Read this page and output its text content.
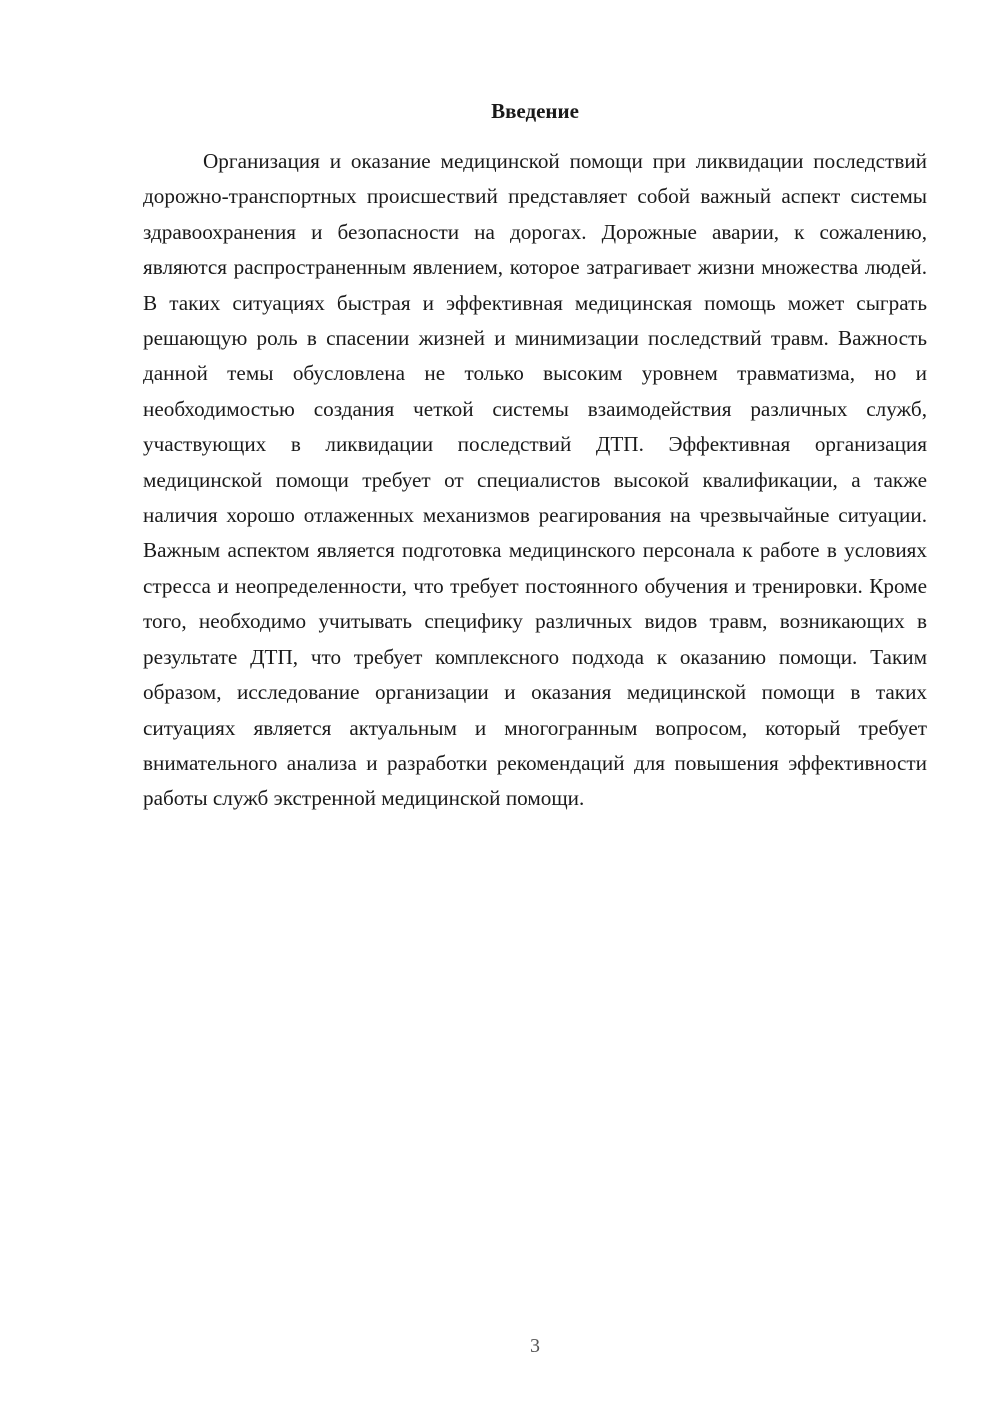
Введение

Организация и оказание медицинской помощи при ликвидации последствий дорожно-транспортных происшествий представляет собой важный аспект системы здравоохранения и безопасности на дорогах. Дорожные аварии, к сожалению, являются распространенным явлением, которое затрагивает жизни множества людей. В таких ситуациях быстрая и эффективная медицинская помощь может сыграть решающую роль в спасении жизней и минимизации последствий травм. Важность данной темы обусловлена не только высоким уровнем травматизма, но и необходимостью создания четкой системы взаимодействия различных служб, участвующих в ликвидации последствий ДТП. Эффективная организация медицинской помощи требует от специалистов высокой квалификации, а также наличия хорошо отлаженных механизмов реагирования на чрезвычайные ситуации. Важным аспектом является подготовка медицинского персонала к работе в условиях стресса и неопределенности, что требует постоянного обучения и тренировки. Кроме того, необходимо учитывать специфику различных видов травм, возникающих в результате ДТП, что требует комплексного подхода к оказанию помощи. Таким образом, исследование организации и оказания медицинской помощи в таких ситуациях является актуальным и многогранным вопросом, который требует внимательного анализа и разработки рекомендаций для повышения эффективности работы служб экстренной медицинской помощи.

3
